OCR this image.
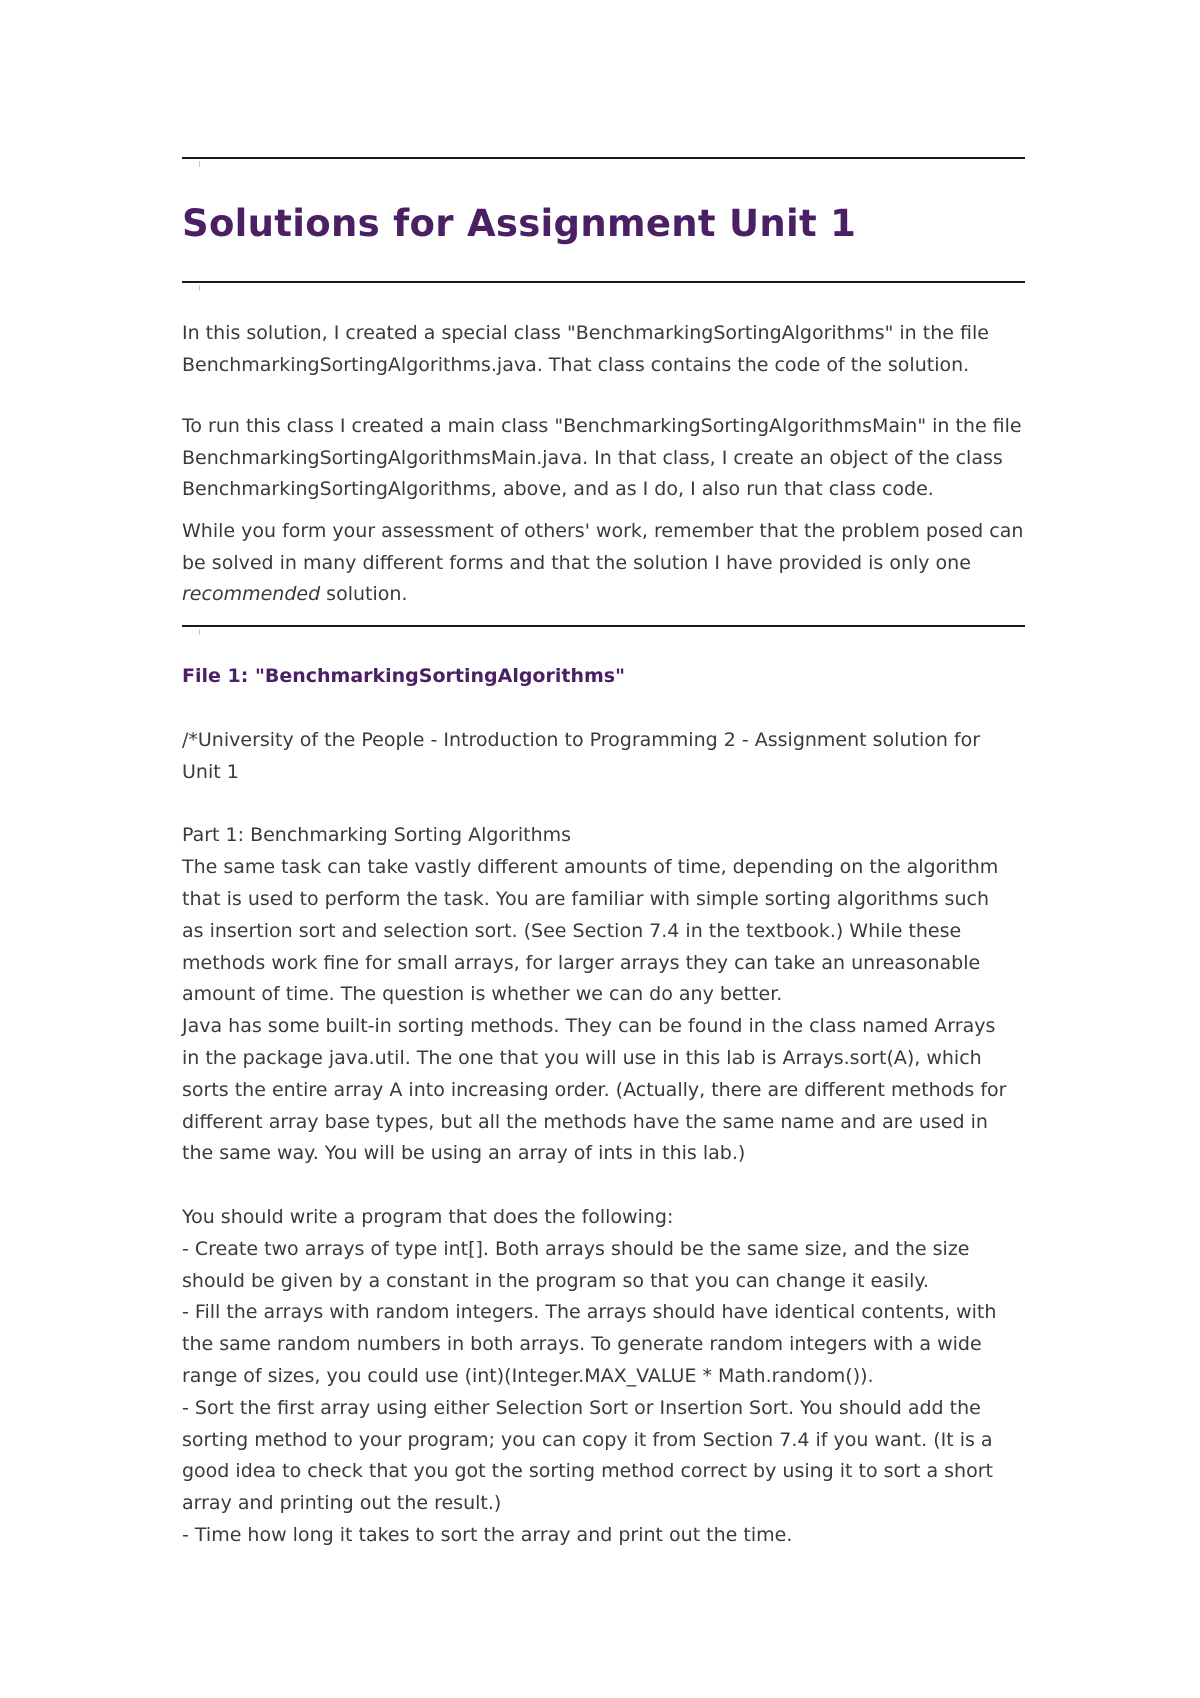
Solutions for Assignment Unit 1

In this solution, I created a special class "BenchmarkingSortingAlgorithms" in the file BenchmarkingSortingAlgorithms.java. That class contains the code of the solution.

To run this class I created a main class "BenchmarkingSortingAlgorithmsMain" in the file BenchmarkingSortingAlgorithmsMain.java. In that class, I create an object of the class BenchmarkingSortingAlgorithms, above, and as I do, I also run that class code.

While you form your assessment of others' work, remember that the problem posed can be solved in many different forms and that the solution I have provided is only one recommended solution.

File 1: "BenchmarkingSortingAlgorithms"
/*University of the People - Introduction to Programming 2 - Assignment solution for
Unit 1
Part 1: Benchmarking Sorting Algorithms
The same task can take vastly different amounts of time, depending on the algorithm
that is used to perform the task. You are familiar with simple sorting algorithms such
as insertion sort and selection sort. (See Section 7.4 in the textbook.) While these
methods work fine for small arrays, for larger arrays they can take an unreasonable
amount of time. The question is whether we can do any better.
Java has some built-in sorting methods. They can be found in the class named Arrays
in the package java.util. The one that you will use in this lab is Arrays.sort(A), which
sorts the entire array A into increasing order. (Actually, there are different methods for
different array base types, but all the methods have the same name and are used in
the same way. You will be using an array of ints in this lab.)
You should write a program that does the following:
- Create two arrays of type int[]. Both arrays should be the same size, and the size
should be given by a constant in the program so that you can change it easily.
- Fill the arrays with random integers. The arrays should have identical contents, with
the same random numbers in both arrays. To generate random integers with a wide
range of sizes, you could use (int)(Integer.MAX_VALUE * Math.random()).
- Sort the first array using either Selection Sort or Insertion Sort. You should add the
sorting method to your program; you can copy it from Section 7.4 if you want. (It is a
good idea to check that you got the sorting method correct by using it to sort a short
array and printing out the result.)
- Time how long it takes to sort the array and print out the time.
